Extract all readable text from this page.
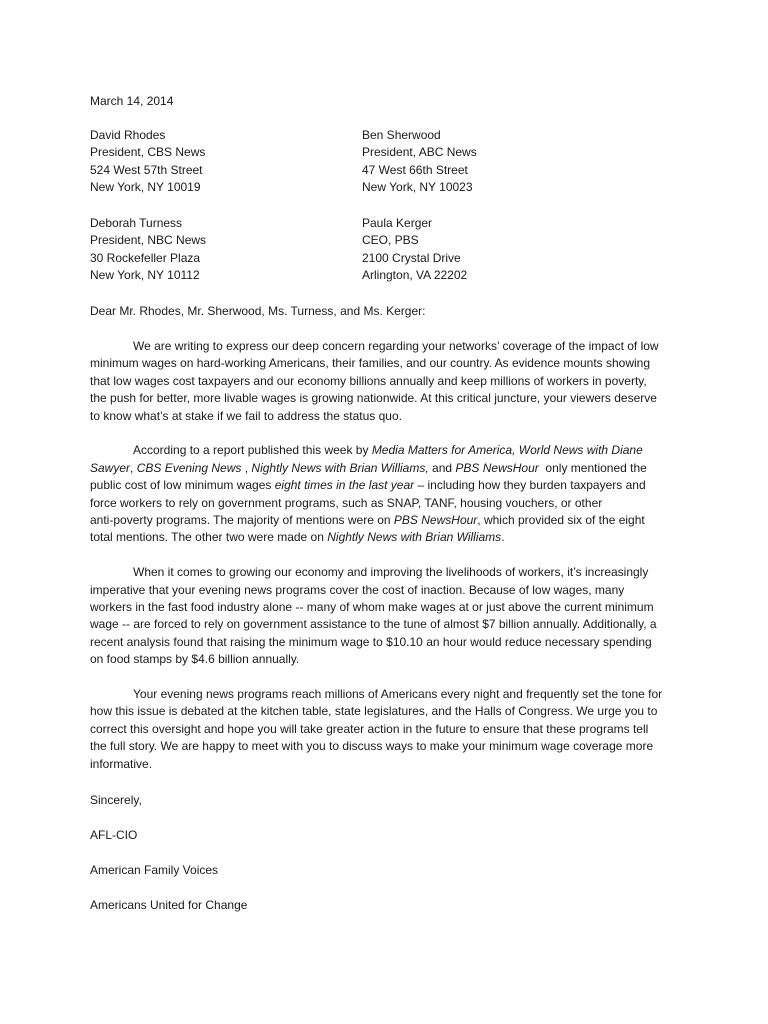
March 14, 2014
David Rhodes
President, CBS News
524 West 57th Street
New York, NY 10019
Ben Sherwood
President, ABC News
47 West 66th Street
New York, NY 10023
Deborah Turness
President, NBC News
30 Rockefeller Plaza
New York, NY 10112
Paula Kerger
CEO, PBS
2100 Crystal Drive
Arlington, VA 22202
Dear Mr. Rhodes, Mr. Sherwood, Ms. Turness, and Ms. Kerger:

We are writing to express our deep concern regarding your networks’ coverage of the impact of low
minimum wages on hard-working Americans, their families, and our country. As evidence mounts showing
that low wages cost taxpayers and our economy billions annually and keep millions of workers in poverty,
the push for better, more livable wages is growing nationwide. At this critical juncture, your viewers deserve
to know what’s at stake if we fail to address the status quo.

According to a report published this week by Media Matters for America, World News with Diane
Sawyer, CBS Evening News , Nightly News with Brian Williams, and PBS NewsHour  only mentioned the
public cost of low minimum wages eight times in the last year – including how they burden taxpayers and
force workers to rely on government programs, such as SNAP, TANF, housing vouchers, or other
anti-poverty programs. The majority of mentions were on PBS NewsHour, which provided six of the eight
total mentions. The other two were made on Nightly News with Brian Williams.

When it comes to growing our economy and improving the livelihoods of workers, it’s increasingly
imperative that your evening news programs cover the cost of inaction. Because of low wages, many
workers in the fast food industry alone -- many of whom make wages at or just above the current minimum
wage -- are forced to rely on government assistance to the tune of almost $7 billion annually. Additionally, a
recent analysis found that raising the minimum wage to $10.10 an hour would reduce necessary spending
on food stamps by $4.6 billion annually.

Your evening news programs reach millions of Americans every night and frequently set the tone for
how this issue is debated at the kitchen table, state legislatures, and the Halls of Congress. We urge you to
correct this oversight and hope you will take greater action in the future to ensure that these programs tell
the full story. We are happy to meet with you to discuss ways to make your minimum wage coverage more
informative.

Sincerely,
AFL-CIO
American Family Voices
Americans United for Change
